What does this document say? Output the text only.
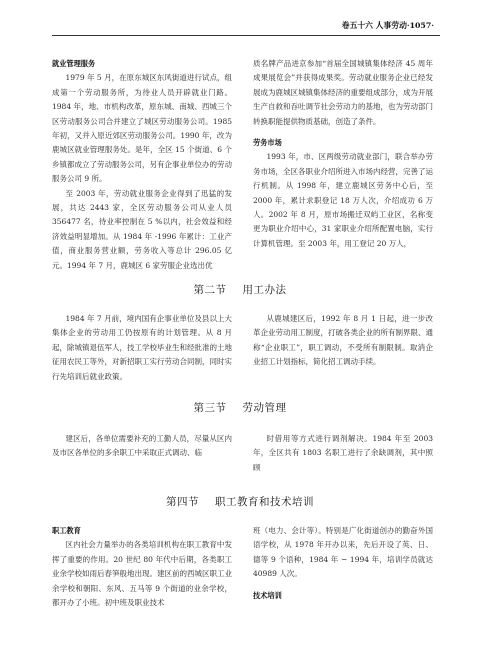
卷五十六 人事劳动·1057·

就业管理服务

1979 年 5 月，在原东城区东风街道进行试点，组成第一个劳动服务所，为待业人员开辟就业门路。1984 年，地、市机构改革，原东城、南城、西城三个区劳动服务公司合并建立了城区劳动服务公司。1985 年初，又并入原近郊区劳动服务公司。1990 年，改为鹿城区就业管理服务处。是年，全区 15 个街道、6 个乡镇都成立了劳动服务公司，另有企事业单位办的劳动服务公司 9 所。

至 2003 年，劳动就业服务企业得到了迅猛的发展，共达 2443 家，全区劳动服务公司从业人员 356477 名，待业率控制在 5 %以内，社会效益和经济效益明显增加。从 1984 年 -1996 年累计：工业产值，商业服务营业额，劳务收入等总计 296.05 亿元。1994 年 7 月，鹿城区 6 家劳服企业选出优

质名牌产品进京参加“首届全国城镇集体经济 45 周年成果展览会”并获得成果奖。劳动就业服务企业已经发展成为鹿城区城镇集体经济的重要组成部分，成为开展生产自救和吞吐调节社会劳动力的基地，也为劳动部门转换职能提供物质基础，创造了条件。

劳务市场

1993 年，市、区两级劳动就业部门，联合举办劳务市场，全区各职业介绍所进入市场内经营，完善了运行机制。从 1998 年，建立鹿城区劳务中心后，至 2000 年，累计求职登记 18 万人次，介绍成功 6 万人。2002 年 8 月，原市场搬迁双屿工业区，名称变更为职业介绍中心，31 家职业介绍所配置电脑，实行计算机管理。至 2003 年，用工登记 20 万人，

第二节 用工办法

1984 年 7 月前，境内国有企事业单位及县以上大集体企业的劳动用工仍按原有的计划管理。从 8 月起，除城镇退伍军人，技工学校毕业生和经批准的土地征用农民工等外，对新招职工实行劳动合同制，同时实行先培训后就业政策。

从鹿城建区后，1992 年 8 月 1 日起，进一步改革企业劳动用工制度，打破各类企业的所有制界限、通称“企业职工”，职工调动，不受所有制限制。取消企业招工计划指标，简化招工调动手续。

第三节 劳动管理

建区后，各单位需要补充的工勤人员，尽量从区内及市区各单位的多余职工中采取正式调动、临

时借用等方式进行调剂解决。1984 年至 2003 年，全区共有 1803 名职工进行了余缺调剂，其中照顾

第四节 职工教育和技术培训

职工教育

区内社会力量举办的各类培训机构在职工教育中发挥了重要的作用。20 世纪 80 年代中后期，各类职工业余学校如雨后春笋般地出现。建区前的西城区职工业余学校和朝阳、东风、五马等 9 个街道的业余学校，都开办了小班。初中班及职业技术

班（电力、会计等）。特别是广化街道创办的勤奋外国语学校，从 1978 年开办以来，先后开设了英、日、德等 9 个语种，1984 年 ~ 1994 年，培训学员就达 40989 人次。

技术培训
